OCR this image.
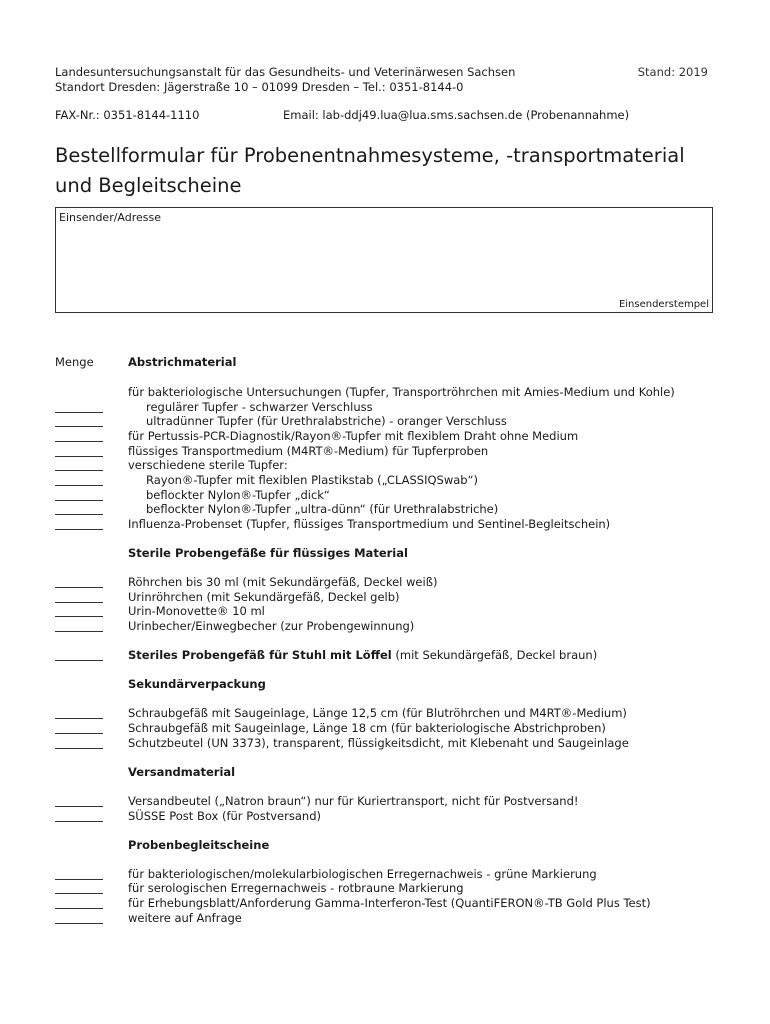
Landesuntersuchungsanstalt für das Gesundheits- und Veterinärwesen Sachsen
Standort Dresden: Jägerstraße 10 – 01099 Dresden – Tel.: 0351-8144-0
Stand: 2019
FAX-Nr.: 0351-8144-1110	Email: lab-ddj49.lua@lua.sms.sachsen.de (Probenannahme)
Bestellformular für Probenentnahmesysteme, -transportmaterial und Begleitscheine
Einsender/Adresse
Einsenderstempel
Menge	Abstrichmaterial
für bakteriologische Untersuchungen (Tupfer, Transportröhrchen mit Amies-Medium und Kohle)
regulärer Tupfer - schwarzer Verschluss
ultradünner Tupfer (für Urethralabstriche) - oranger Verschluss
für Pertussis-PCR-Diagnostik/Rayon®-Tupfer mit flexiblem Draht ohne Medium
flüssiges Transportmedium (M4RT®-Medium) für Tupferproben
verschiedene sterile Tupfer:
Rayon®-Tupfer mit flexiblen Plastikstab („CLASSIQSwab“)
beflockter Nylon®-Tupfer „dick“
beflockter Nylon®-Tupfer „ultra-dünn“ (für Urethralabstriche)
Influenza-Probenset (Tupfer, flüssiges Transportmedium und Sentinel-Begleitschein)
Sterile Probengefäße für flüssiges Material
Röhrchen bis 30 ml (mit Sekundärgefäß, Deckel weiß)
Urinröhrchen (mit Sekundärgefäß, Deckel gelb)
Urin-Monovette® 10 ml
Urinbecher/Einwegbecher (zur Probengewinnung)
Steriles Probengefäß für Stuhl mit Löffel (mit Sekundärgefäß, Deckel braun)
Sekundärverpackung
Schraubgefäß mit Saugeinlage, Länge 12,5 cm (für Blutröhrchen und M4RT®-Medium)
Schraubgefäß mit Saugeinlage, Länge 18 cm (für bakteriologische Abstrichproben)
Schutzbeutel (UN 3373), transparent, flüssigkeitsdicht, mit Klebenaht und Saugeinlage
Versandmaterial
Versandbeutel („Natron braun“) nur für Kuriertransport, nicht für Postversand!
SÜSSE Post Box (für Postversand)
Probenbegleitscheine
für bakteriologischen/molekularbiologischen Erregernachweis - grüne Markierung
für serologischen Erregernachweis - rotbraune Markierung
für Erhebungsblatt/Anforderung Gamma-Interferon-Test (QuantiFERON®-TB Gold Plus Test)
weitere auf Anfrage
